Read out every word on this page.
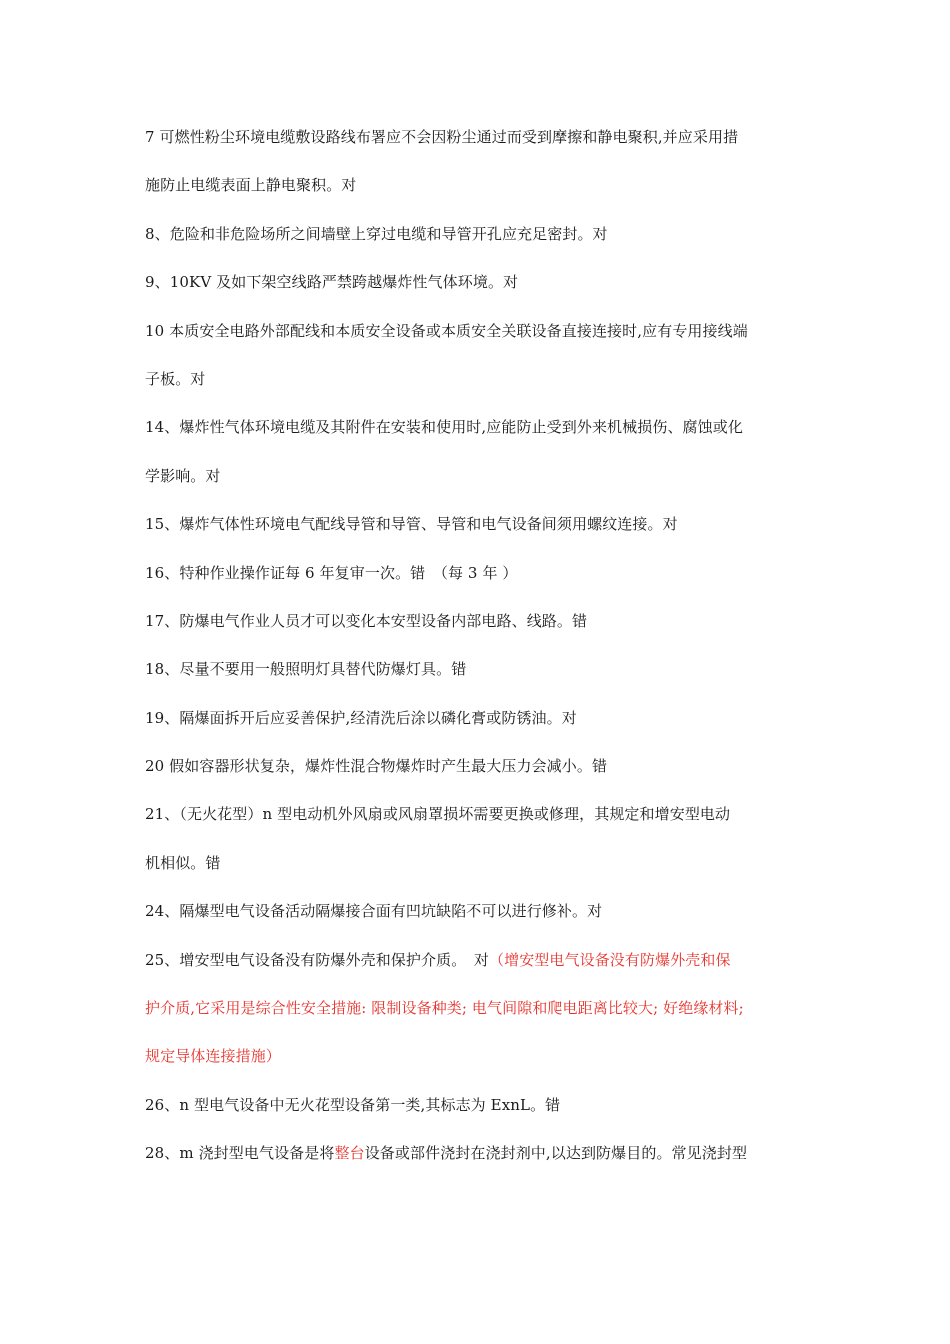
7 可燃性粉尘环境电缆敷设路线布署应不会因粉尘通过而受到摩擦和静电聚积,并应采用措
施防止电缆表面上静电聚积。对
8、危险和非危险场所之间墙壁上穿过电缆和导管开孔应充足密封。对
9、10KV 及如下架空线路严禁跨越爆炸性气体环境。对
10 本质安全电路外部配线和本质安全设备或本质安全关联设备直接连接时,应有专用接线端
子板。对
14、爆炸性气体环境电缆及其附件在安装和使用时,应能防止受到外来机械损伤、腐蚀或化
学影响。对
15、爆炸气体性环境电气配线导管和导管、导管和电气设备间须用螺纹连接。对
16、特种作业操作证每 6 年复审一次。错　（每 3 年 ）
17、防爆电气作业人员才可以变化本安型设备内部电路、线路。错
18、尽量不要用一般照明灯具替代防爆灯具。错
19、隔爆面拆开后应妥善保护,经清洗后涂以磷化膏或防锈油。对
20 假如容器形状复杂，爆炸性混合物爆炸时产生最大压力会减小。错
21、（无火花型）n 型电动机外风扇或风扇罩损坏需要更换或修理，其规定和增安型电动
机相似。错
24、隔爆型电气设备活动隔爆接合面有凹坑缺陷不可以进行修补。对
25、增安型电气设备没有防爆外壳和保护介质。　对（增安型电气设备没有防爆外壳和保
护介质,它采用是综合性安全措施: 限制设备种类; 电气间隙和爬电距离比较大; 好绝缘材料;
规定导体连接措施）
26、n 型电气设备中无火花型设备第一类,其标志为 ExnL。错
28、m 浇封型电气设备是将整台设备或部件浇封在浇封剂中,以达到防爆目的。常见浇封型
